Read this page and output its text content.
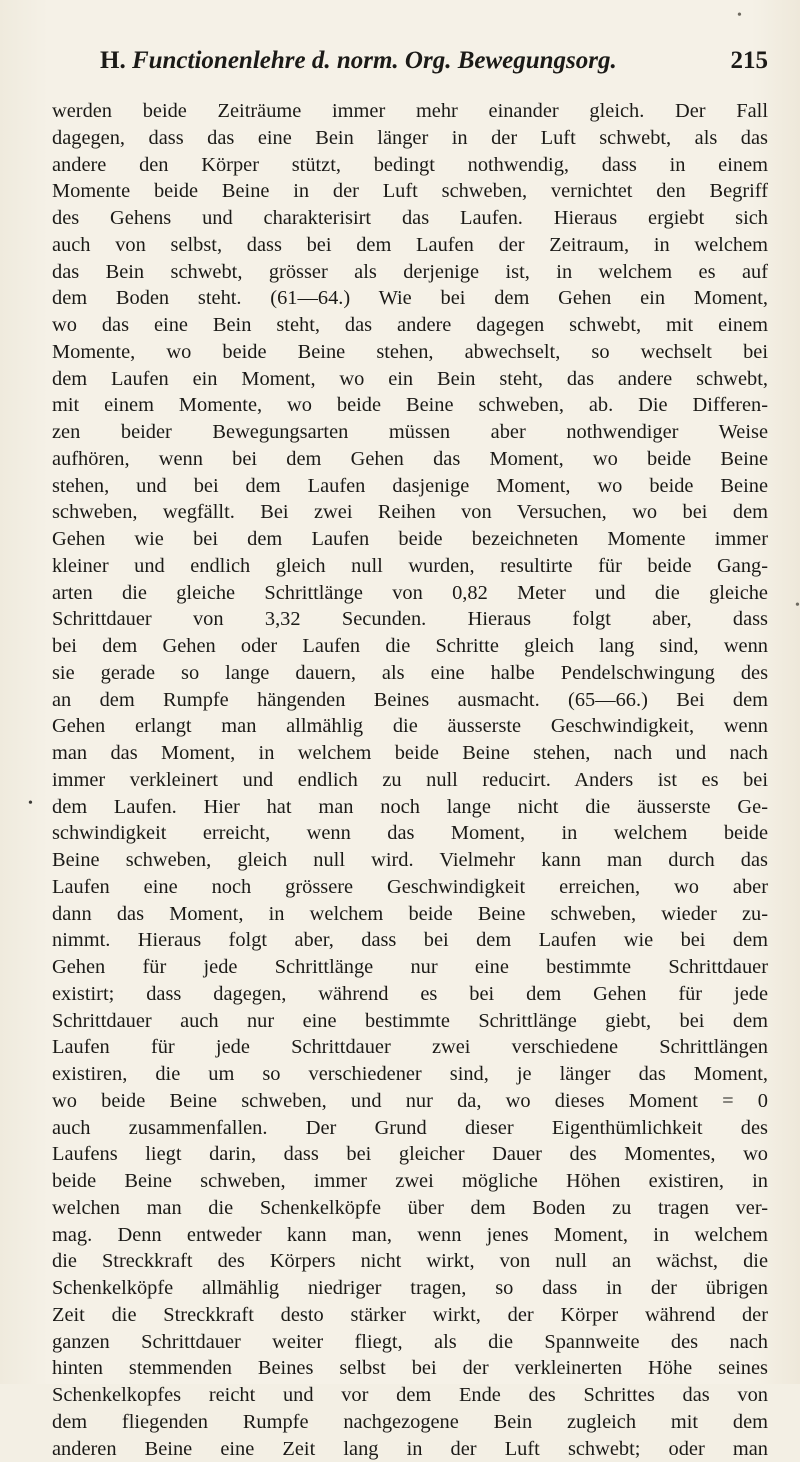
•
•
•
H. Functionenlehre d. norm. Org. Bewegungsorg.	215
werden beide Zeiträume immer mehr einander gleich. Der Fall
dagegen, dass das eine Bein länger in der Luft schwebt, als das
andere den Körper stützt, bedingt nothwendig, dass in einem
Momente beide Beine in der Luft schweben, vernichtet den Begriff
des Gehens und charakterisirt das Laufen. Hieraus ergiebt sich
auch von selbst, dass bei dem Laufen der Zeitraum, in welchem
das Bein schwebt, grösser als derjenige ist, in welchem es auf
dem Boden steht. (61—64.) Wie bei dem Gehen ein Moment,
wo das eine Bein steht, das andere dagegen schwebt, mit einem
Momente, wo beide Beine stehen, abwechselt, so wechselt bei
dem Laufen ein Moment, wo ein Bein steht, das andere schwebt,
mit einem Momente, wo beide Beine schweben, ab. Die Differen-
zen beider Bewegungsarten müssen aber nothwendiger Weise
aufhören, wenn bei dem Gehen das Moment, wo beide Beine
stehen, und bei dem Laufen dasjenige Moment, wo beide Beine
schweben, wegfällt. Bei zwei Reihen von Versuchen, wo bei dem
Gehen wie bei dem Laufen beide bezeichneten Momente immer
kleiner und endlich gleich null wurden, resultirte für beide Gang-
arten die gleiche Schrittlänge von 0,82 Meter und die gleiche
Schrittdauer von 3,32 Secunden. Hieraus folgt aber, dass
bei dem Gehen oder Laufen die Schritte gleich lang sind, wenn
sie gerade so lange dauern, als eine halbe Pendelschwingung des
an dem Rumpfe hängenden Beines ausmacht. (65—66.) Bei dem
Gehen erlangt man allmählig die äusserste Geschwindigkeit, wenn
man das Moment, in welchem beide Beine stehen, nach und nach
immer verkleinert und endlich zu null reducirt. Anders ist es bei
dem Laufen. Hier hat man noch lange nicht die äusserste Ge-
schwindigkeit erreicht, wenn das Moment, in welchem beide
Beine schweben, gleich null wird. Vielmehr kann man durch das
Laufen eine noch grössere Geschwindigkeit erreichen, wo aber
dann das Moment, in welchem beide Beine schweben, wieder zu-
nimmt. Hieraus folgt aber, dass bei dem Laufen wie bei dem
Gehen für jede Schrittlänge nur eine bestimmte Schrittdauer
existirt; dass dagegen, während es bei dem Gehen für jede
Schrittdauer auch nur eine bestimmte Schrittlänge giebt, bei dem
Laufen für jede Schrittdauer zwei verschiedene Schrittlängen
existiren, die um so verschiedener sind, je länger das Moment,
wo beide Beine schweben, und nur da, wo dieses Moment = 0
auch zusammenfallen. Der Grund dieser Eigenthümlichkeit des
Laufens liegt darin, dass bei gleicher Dauer des Momentes, wo
beide Beine schweben, immer zwei mögliche Höhen existiren, in
welchen man die Schenkelköpfe über dem Boden zu tragen ver-
mag. Denn entweder kann man, wenn jenes Moment, in welchem
die Streckkraft des Körpers nicht wirkt, von null an wächst, die
Schenkelköpfe allmählig niedriger tragen, so dass in der übrigen
Zeit die Streckkraft desto stärker wirkt, der Körper während der
ganzen Schrittdauer weiter fliegt, als die Spannweite des nach
hinten stemmenden Beines selbst bei der verkleinerten Höhe seines
Schenkelkopfes reicht und vor dem Ende des Schrittes das von
dem fliegenden Rumpfe nachgezogene Bein zugleich mit dem
anderen Beine eine Zeit lang in der Luft schwebt; oder man
